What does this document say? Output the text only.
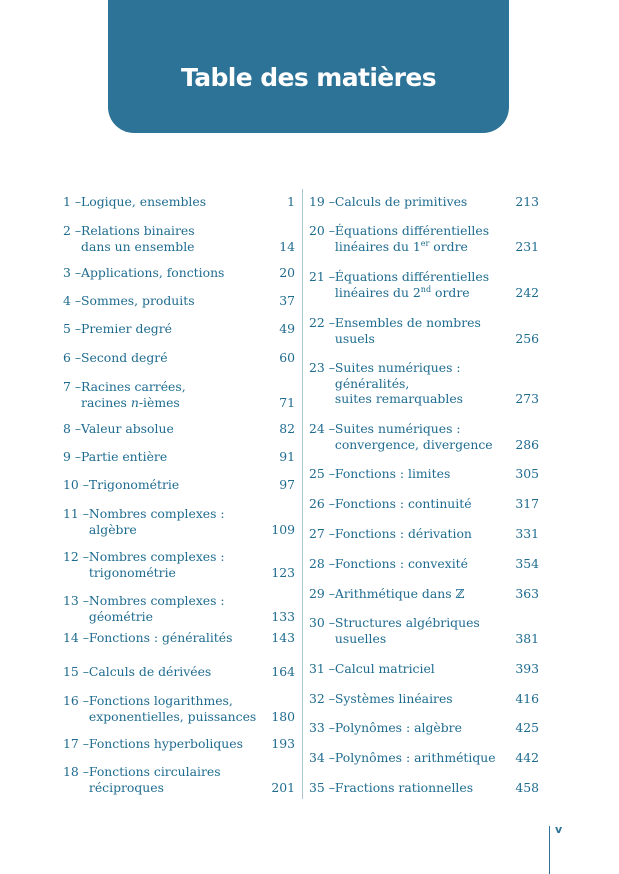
Table des matières
1 – Logique, ensembles	1
2 – Relations binaires
dans un ensemble	14
3 – Applications, fonctions	20
4 – Sommes, produits	37
5 – Premier degré	49
6 – Second degré	60
7 – Racines carrées,
racines n-ièmes	71
8 – Valeur absolue	82
9 – Partie entière	91
10 – Trigonométrie	97
11 – Nombres complexes :
algèbre	109
12 – Nombres complexes :
trigonométrie	123
13 – Nombres complexes :
géométrie	133
14 – Fonctions : généralités	143
15 – Calculs de dérivées	164
16 – Fonctions logarithmes,
exponentielles, puissances	180
17 – Fonctions hyperboliques	193
18 – Fonctions circulaires
réciproques	201
19 – Calculs de primitives	213
20 – Équations différentielles
linéaires du 1er ordre	231
21 – Équations différentielles
linéaires du 2nd ordre	242
22 – Ensembles de nombres
usuels	256
23 – Suites numériques :
généralités,
suites remarquables	273
24 – Suites numériques :
convergence, divergence	286
25 – Fonctions : limites	305
26 – Fonctions : continuité	317
27 – Fonctions : dérivation	331
28 – Fonctions : convexité	354
29 – Arithmétique dans ℤ	363
30 – Structures algébriques
usuelles	381
31 – Calcul matriciel	393
32 – Systèmes linéaires	416
33 – Polynômes : algèbre	425
34 – Polynômes : arithmétique	442
35 – Fractions rationnelles	458
v
